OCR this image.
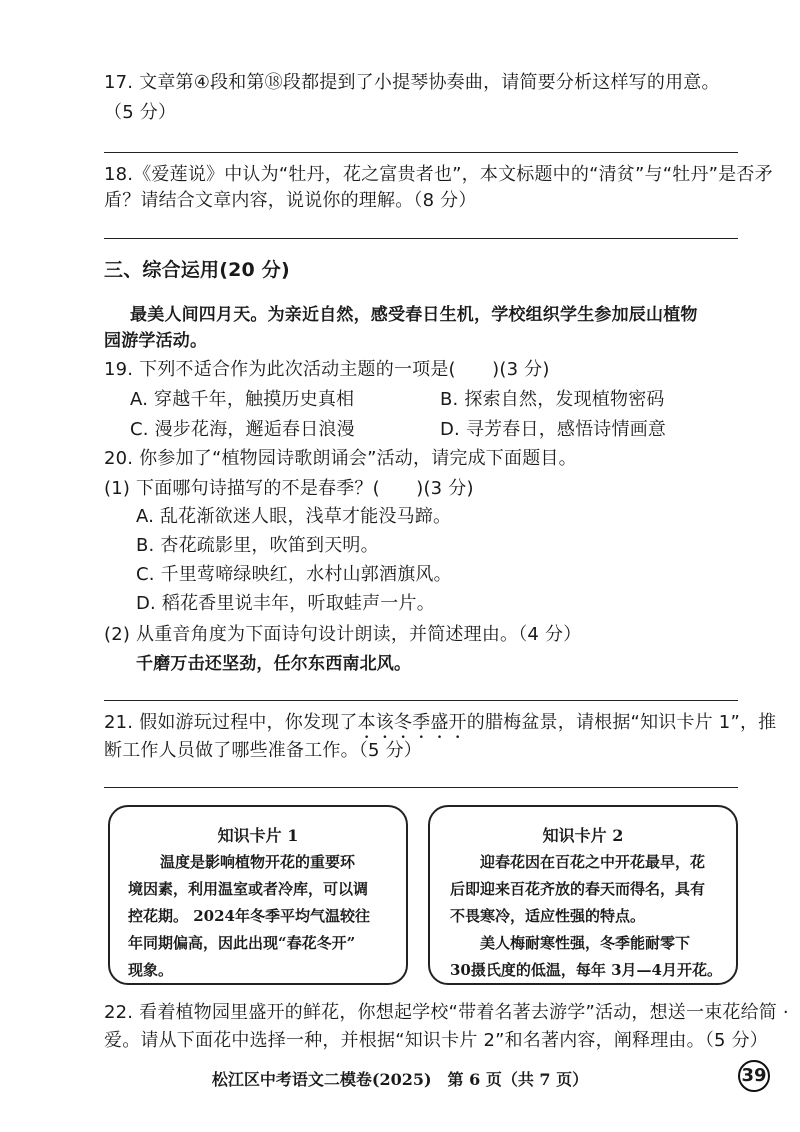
17. 文章第④段和第⑱段都提到了小提琴协奏曲，请简要分析这样写的用意。
（5 分）
18.《爱莲说》中认为“牡丹，花之富贵者也”，本文标题中的“清贫”与“牡丹”是否矛
盾？请结合文章内容，说说你的理解。（8 分）
三、综合运用(20 分)
最美人间四月天。为亲近自然，感受春日生机，学校组织学生参加辰山植物
园游学活动。
19. 下列不适合作为此次活动主题的一项是(　　)(3 分)
A. 穿越千年，触摸历史真相	B. 探索自然，发现植物密码
C. 漫步花海，邂逅春日浪漫	D. 寻芳春日，感悟诗情画意
20. 你参加了“植物园诗歌朗诵会”活动，请完成下面题目。
(1) 下面哪句诗描写的不是春季？(　　)(3 分)
A. 乱花渐欲迷人眼，浅草才能没马蹄。
B. 杏花疏影里，吹笛到天明。
C. 千里莺啼绿映红，水村山郭酒旗风。
D. 稻花香里说丰年，听取蛙声一片。
(2) 从重音角度为下面诗句设计朗读，并简述理由。（4 分）
千磨万击还坚劲，任尔东西南北风。
21. 假如游玩过程中，你发现了本该冬季盛开的腊梅盆景，请根据“知识卡片 1”，推
断工作人员做了哪些准备工作。（5 分）
知识卡片 1
温度是影响植物开花的重要环
境因素，利用温室或者冷库，可以调
控花期。 2024年冬季平均气温较往
年同期偏高，因此出现“春花冬开”
现象。
知识卡片 2
迎春花因在百花之中开花最早，花
后即迎来百花齐放的春天而得名，具有
不畏寒冷，适应性强的特点。
美人梅耐寒性强，冬季能耐零下
30摄氏度的低温，每年 3月—4月开花。
22. 看着植物园里盛开的鲜花，你想起学校“带着名著去游学”活动，想送一束花给简 ·
爱。请从下面花中选择一种，并根据“知识卡片 2”和名著内容，阐释理由。（5 分）
松江区中考语文二模卷(2025)　第 6 页（共 7 页）	39
